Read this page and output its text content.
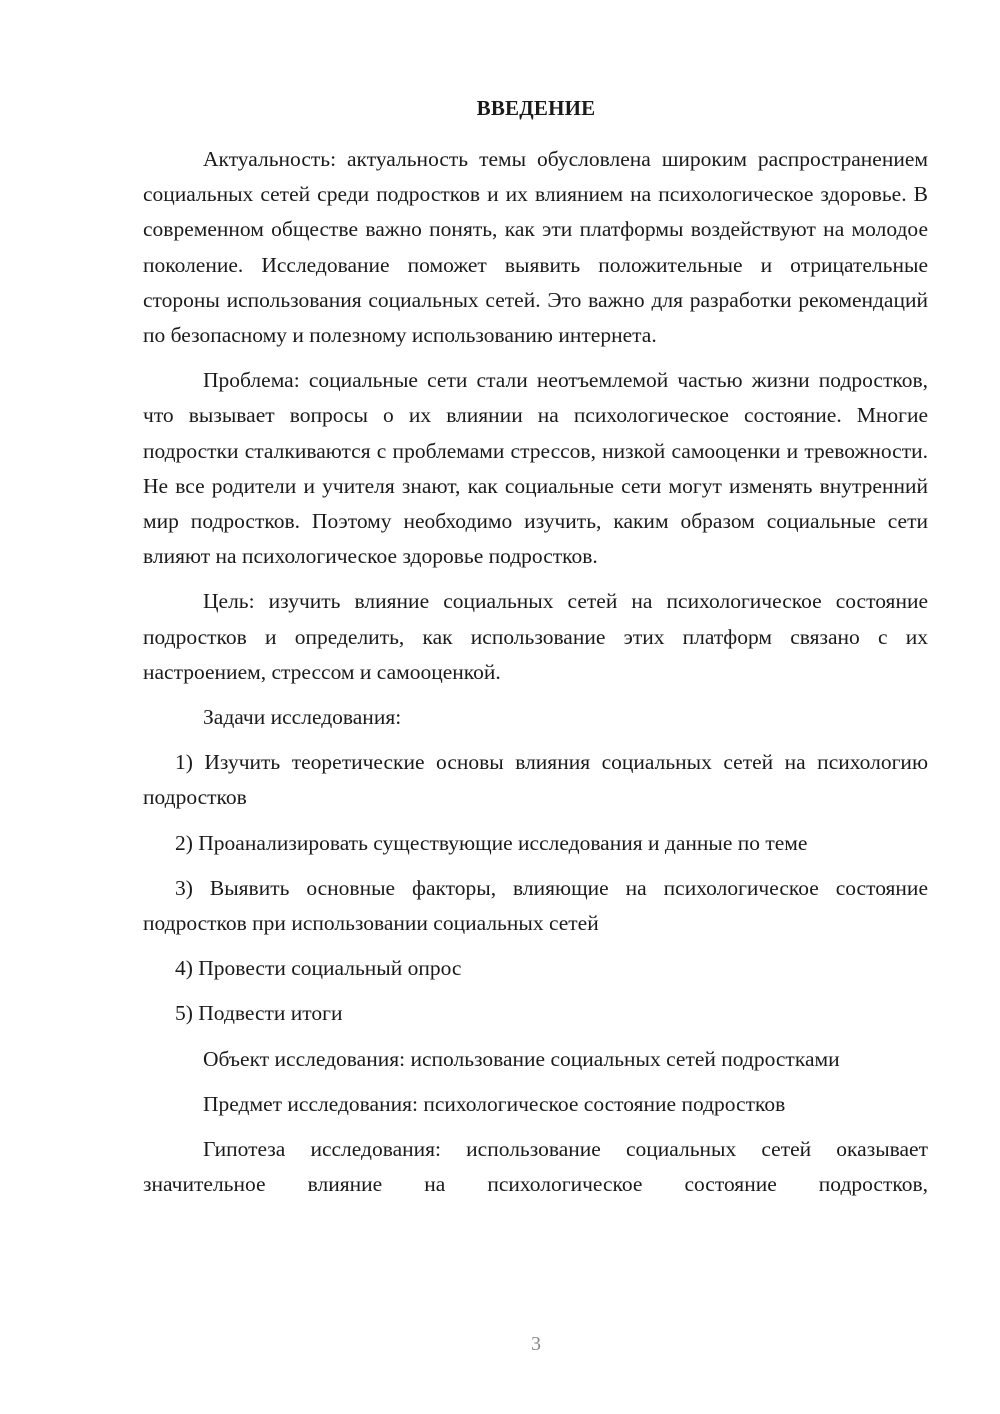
ВВЕДЕНИЕ

Актуальность: актуальность темы обусловлена широким распространением социальных сетей среди подростков и их влиянием на психологическое здоровье. В современном обществе важно понять, как эти платформы воздействуют на молодое поколение. Исследование поможет выявить положительные и отрицательные стороны использования социальных сетей. Это важно для разработки рекомендаций по безопасному и полезному использованию интернета.

Проблема: социальные сети стали неотъемлемой частью жизни подростков, что вызывает вопросы о их влиянии на психологическое состояние. Многие подростки сталкиваются с проблемами стрессов, низкой самооценки и тревожности. Не все родители и учителя знают, как социальные сети могут изменять внутренний мир подростков. Поэтому необходимо изучить, каким образом социальные сети влияют на психологическое здоровье подростков.

Цель: изучить влияние социальных сетей на психологическое состояние подростков и определить, как использование этих платформ связано с их настроением, стрессом и самооценкой.

Задачи исследования:

1) Изучить теоретические основы влияния социальных сетей на психологию подростков

2) Проанализировать существующие исследования и данные по теме

3) Выявить основные факторы, влияющие на психологическое состояние подростков при использовании социальных сетей

4) Провести социальный опрос

5) Подвести итоги

Объект исследования: использование социальных сетей подростками

Предмет исследования: психологическое состояние подростков

Гипотеза исследования: использование социальных сетей оказывает значительное влияние на психологическое состояние подростков,

3
